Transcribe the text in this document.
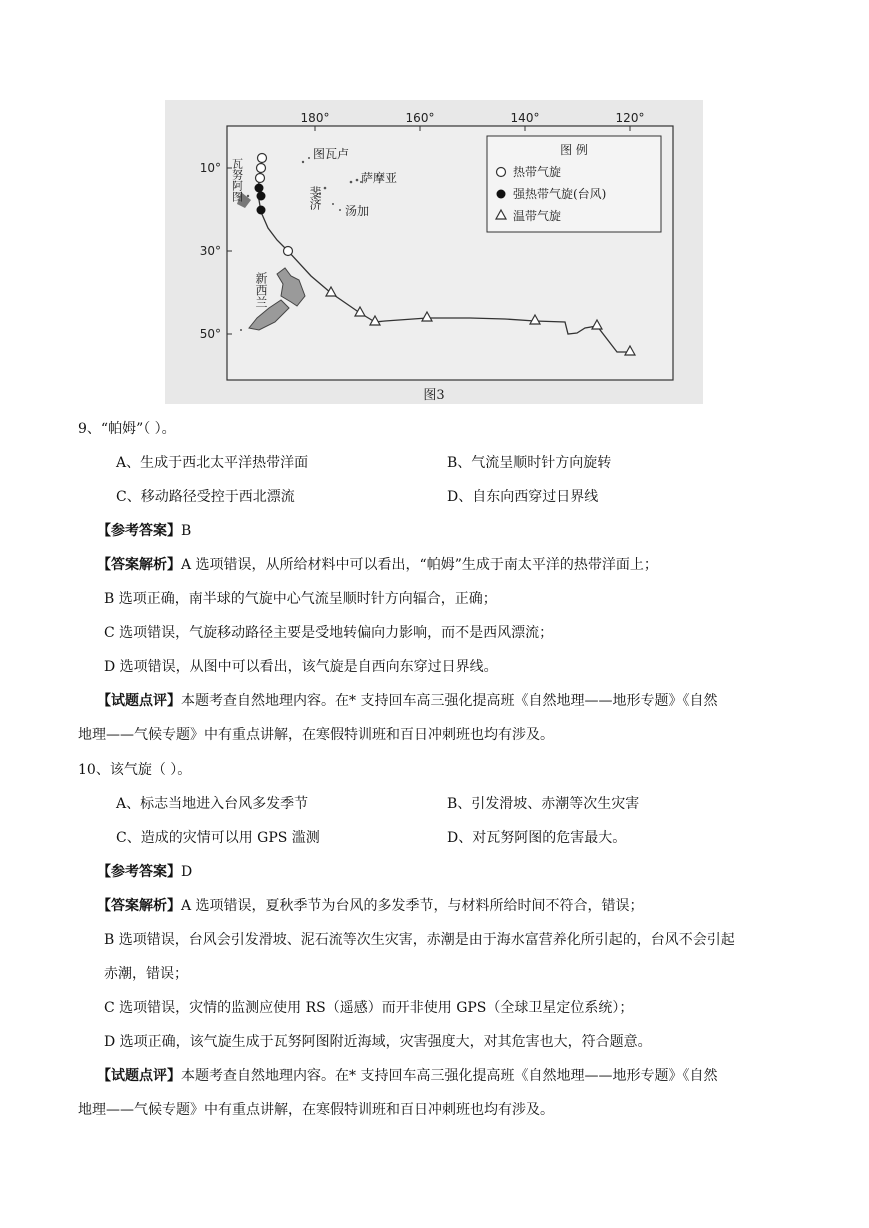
180°	160°	140°	120°
10°
30°
50°
图瓦卢
萨摩亚
斐济
汤加
瓦努阿图
新西兰
图 例
热带气旋
强热带气旋(台风)
温带气旋
图3
9、“帕姆”（ ）。
A、生成于西北太平洋热带洋面	B、气流呈顺时针方向旋转
C、移动路径受控于西北漂流	D、自东向西穿过日界线
【参考答案】B
【答案解析】A 选项错误，从所给材料中可以看出，“帕姆”生成于南太平洋的热带洋面上；
B 选项正确，南半球的气旋中心气流呈顺时针方向辐合，正确；
C 选项错误，气旋移动路径主要是受地转偏向力影响，而不是西风漂流；
D 选项错误，从图中可以看出，该气旋是自西向东穿过日界线。
【试题点评】本题考查自然地理内容。在* 支持回车高三强化提高班《自然地理——地形专题》《自然
地理——气候专题》中有重点讲解，在寒假特训班和百日冲刺班也均有涉及。
10、该气旋（ ）。
A、标志当地进入台风多发季节	B、引发滑坡、赤潮等次生灾害
C、造成的灾情可以用 GPS 滥测	D、对瓦努阿图的危害最大。
【参考答案】D
【答案解析】A 选项错误，夏秋季节为台风的多发季节，与材料所给时间不符合，错误；
B 选项错误，台风会引发滑坡、泥石流等次生灾害，赤潮是由于海水富营养化所引起的，台风不会引起
赤潮，错误；
C 选项错误，灾情的监测应使用 RS（遥感）而开非使用 GPS（全球卫星定位系统）；
D 选项正确，该气旋生成于瓦努阿图附近海域，灾害强度大，对其危害也大，符合题意。
【试题点评】本题考查自然地理内容。在* 支持回车高三强化提高班《自然地理——地形专题》《自然
地理——气候专题》中有重点讲解，在寒假特训班和百日冲刺班也均有涉及。
